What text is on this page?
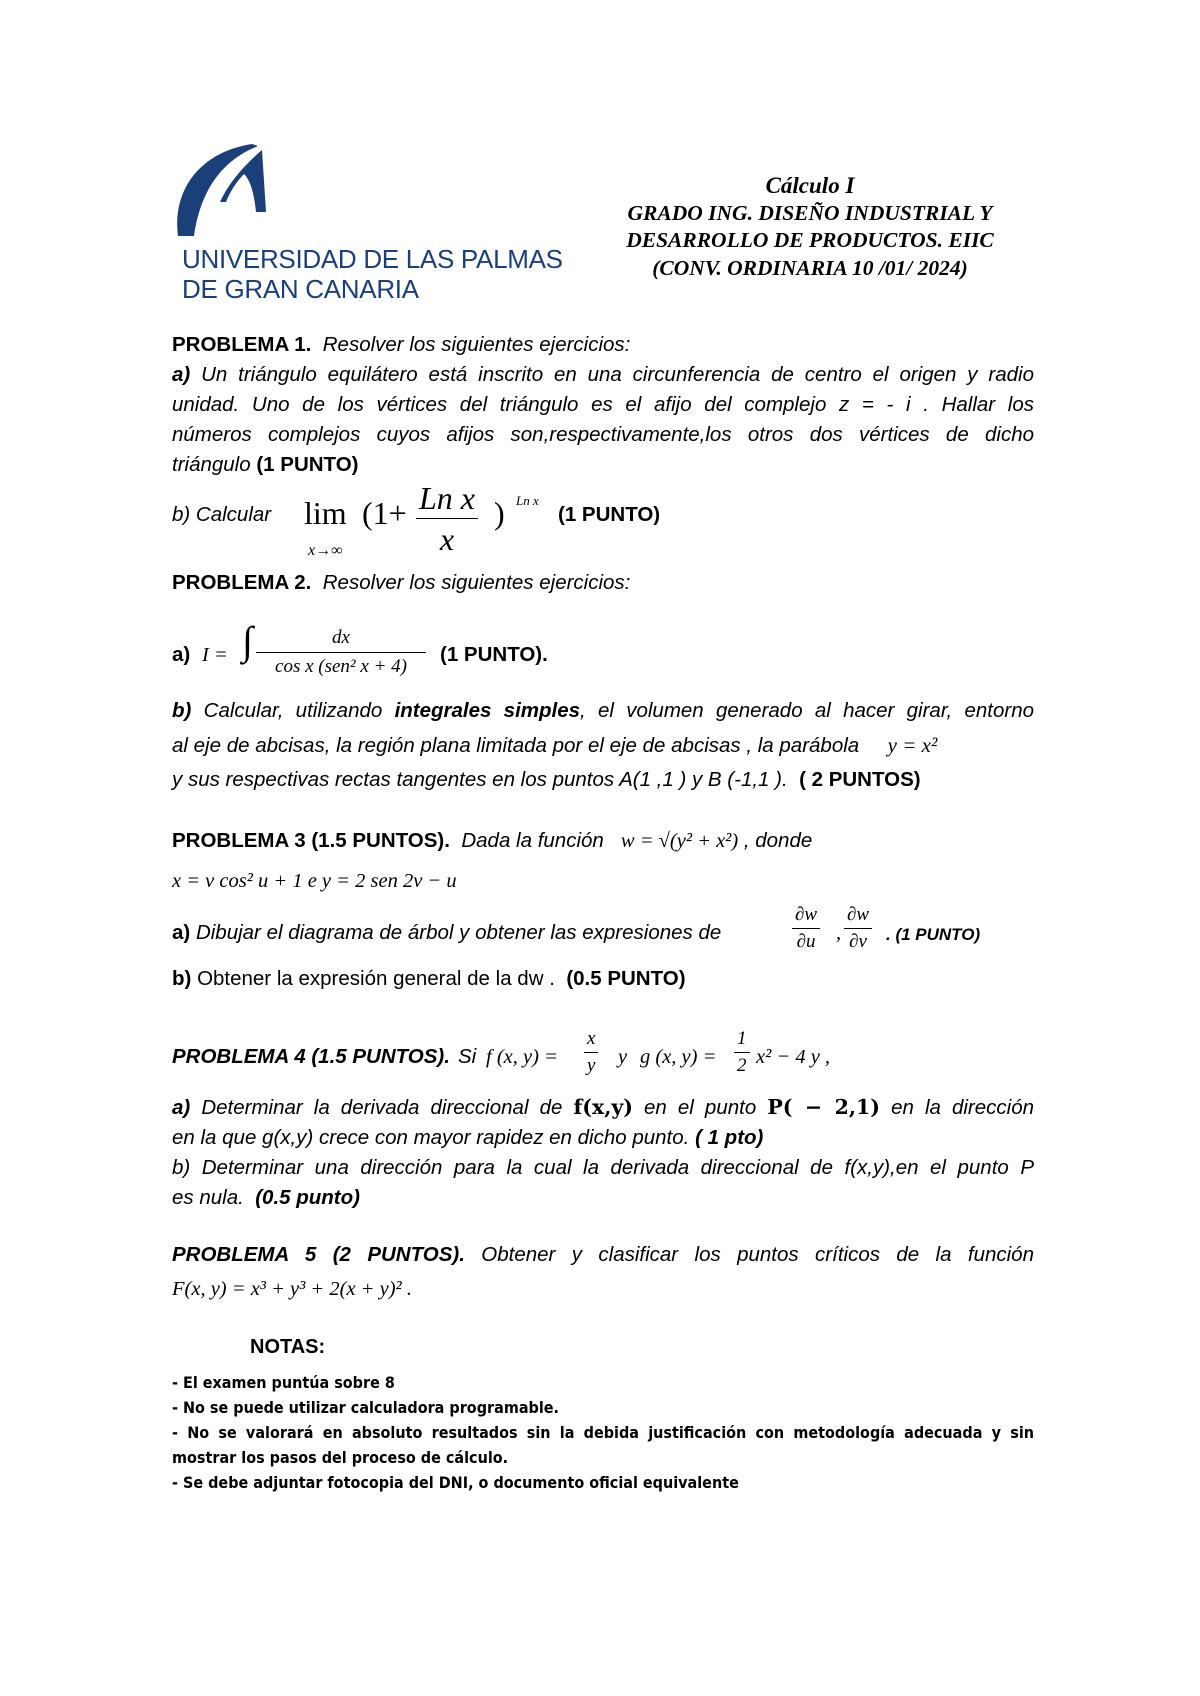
UNIVERSIDAD DE LAS PALMAS
DE GRAN CANARIA
Cálculo I
GRADO ING. DISEÑO INDUSTRIAL Y
DESARROLLO DE PRODUCTOS. EIIC
(CONV. ORDINARIA 10 /01/ 2024)
PROBLEMA 1. Resolver los siguientes ejercicios:
a) Un triángulo equilátero está inscrito en una circunferencia de centro el origen y radio
unidad. Uno de los vértices del triángulo es el afijo del complejo z = - i . Hallar los
números complejos cuyos afijos son,respectivamente,los otros dos vértices de dicho
triángulo (1 PUNTO)
b) Calcular lim
x→∞
($1+ \frac{\text{Ln x}}{x}$ ) Ln x
(1 PUNTO)
PROBLEMA 2. Resolver los siguientes ejercicios:
a) I = ∫	dx
cos x (sen² x + 4)
(1 PUNTO).
b) Calcular, utilizando integrales simples, el volumen generado al hacer girar, entorno
al eje de abcisas, la región plana limitada por el eje de abcisas , la parábola y = x²
y sus respectivas rectas tangentes en los puntos A(1 ,1 ) y B (-1,1 ). ( 2 PUNTOS)
PROBLEMA 3 (1.5 PUNTOS). Dada la función w = √(y² + x²) , donde
x = v cos² u + 1 e y = 2 sen 2v − u
a) Dibujar el diagrama de árbol y obtener las expresiones de	$\frac{\partial w}{\partial u}$ , $\frac{\partial w}{\partial v}$ . (1 PUNTO)
b) Obtener la expresión general de la dw . (0.5 PUNTO)
PROBLEMA 4 (1.5 PUNTOS). Si f (x, $y) = \frac{x}{y}$ y g (x, $y) = \frac{1}{2} x^2 - 4$ y ,
a) Determinar la derivada direccional de f(x,y) en el punto P( − 2,1) en la dirección
en la que g(x,y) crece con mayor rapidez en dicho punto. ( 1 pto)
b) Determinar una dirección para la cual la derivada direccional de f(x,y),en el punto P
es nula. (0.5 punto)
PROBLEMA 5 (2 PUNTOS). Obtener y clasificar los puntos críticos de la función
F(x, y) = x³ + y³ + 2(x + y)² .
NOTAS:
- El examen puntúa sobre 8
- No se puede utilizar calculadora programable.
- No se valorará en absoluto resultados sin la debida justificación con metodología adecuada y sin
mostrar los pasos del proceso de cálculo.
- Se debe adjuntar fotocopia del DNI, o documento oficial equivalente
